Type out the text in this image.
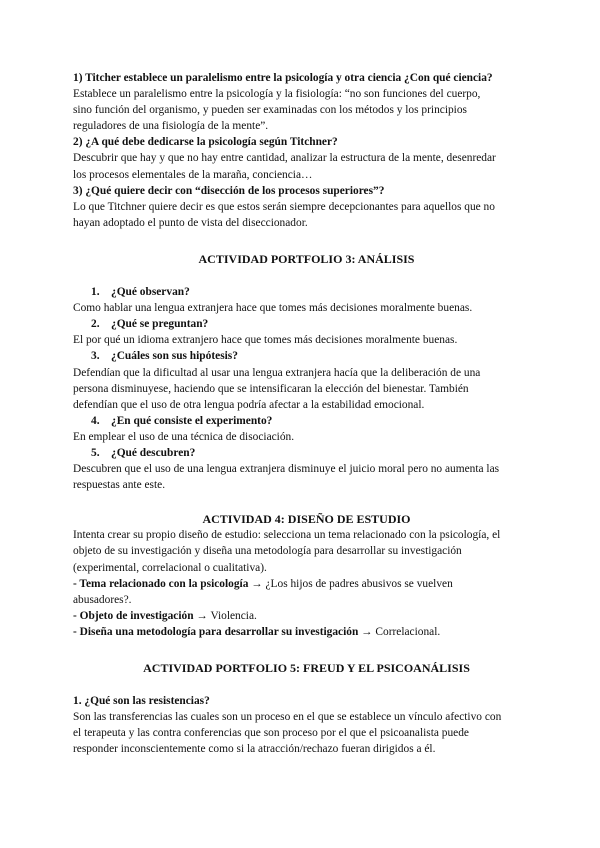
1) Titcher establece un paralelismo entre la psicología y otra ciencia ¿Con qué ciencia?

Establece un paralelismo entre la psicología y la fisiología: “no son funciones del cuerpo,

sino función del organismo, y pueden ser examinadas con los métodos y los principios

reguladores de una fisiología de la mente”.

2) ¿A qué debe dedicarse la psicología según Titchner?

Descubrir que hay y que no hay entre cantidad, analizar la estructura de la mente, desenredar

los procesos elementales de la maraña, conciencia…

3) ¿Qué quiere decir con “disección de los procesos superiores”?

Lo que Titchner quiere decir es que estos serán siempre decepcionantes para aquellos que no

hayan adoptado el punto de vista del diseccionador.

ACTIVIDAD PORTFOLIO 3: ANÁLISIS

1.	¿Qué observan?

Como hablar una lengua extranjera hace que tomes más decisiones moralmente buenas.

2.	¿Qué se preguntan?

El por qué un idioma extranjero hace que tomes más decisiones moralmente buenas.

3.	¿Cuáles son sus hipótesis?

Defendían que la dificultad al usar una lengua extranjera hacía que la deliberación de una

persona disminuyese, haciendo que se intensificaran la elección del bienestar. También

defendían que el uso de otra lengua podría afectar a la estabilidad emocional.

4.	¿En qué consiste el experimento?

En emplear el uso de una técnica de disociación.

5.	¿Qué descubren?

Descubren que el uso de una lengua extranjera disminuye el juicio moral pero no aumenta las

respuestas ante este.

ACTIVIDAD 4: DISEÑO DE ESTUDIO

Intenta crear su propio diseño de estudio: selecciona un tema relacionado con la psicología, el

objeto de su investigación y diseña una metodología para desarrollar su investigación

(experimental, correlacional o cualitativa).

- Tema relacionado con la psicología → ¿Los hijos de padres abusivos se vuelven

abusadores?.

- Objeto de investigación → Violencia.

- Diseña una metodología para desarrollar su investigación → Correlacional.

ACTIVIDAD PORTFOLIO 5: FREUD Y EL PSICOANÁLISIS

1. ¿Qué son las resistencias?

Son las transferencias las cuales son un proceso en el que se establece un vínculo afectivo con

el terapeuta y las contra conferencias que son proceso por el que el psicoanalista puede

responder inconscientemente como si la atracción/rechazo fueran dirigidos a él.
